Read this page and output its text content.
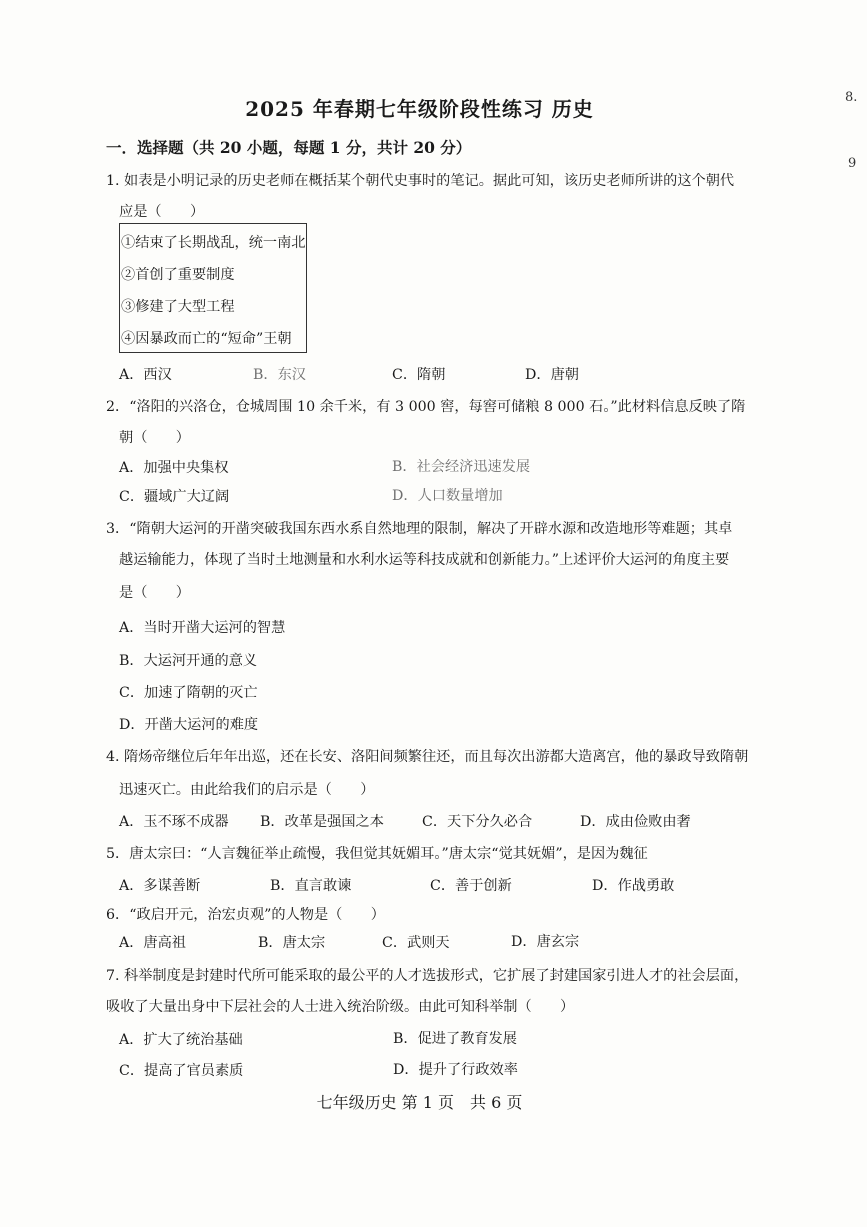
2025 年春期七年级阶段性练习 历史	8.
9
一．选择题（共 20 小题，每题 1 分，共计 20 分）
1. 如表是小明记录的历史老师在概括某个朝代史事时的笔记。据此可知，该历史老师所讲的这个朝代
应是（　　）
①结束了长期战乱，统一南北
②首创了重要制度
③修建了大型工程
④因暴政而亡的“短命”王朝
A．西汉	B．东汉	C．隋朝	D．唐朝
2．“洛阳的兴洛仓，仓城周围 10 余千米，有 3 000 窖，每窖可储粮 8 000 石。”此材料信息反映了隋
朝（　　）
A．加强中央集权	B．社会经济迅速发展
C．疆域广大辽阔	D．人口数量增加
3．“隋朝大运河的开凿突破我国东西水系自然地理的限制，解决了开辟水源和改造地形等难题；其卓
越运输能力，体现了当时土地测量和水利水运等科技成就和创新能力。”上述评价大运河的角度主要
是（　　）
A．当时开凿大运河的智慧
B．大运河开通的意义
C．加速了隋朝的灭亡
D．开凿大运河的难度
4. 隋炀帝继位后年年出巡，还在长安、洛阳间频繁往还，而且每次出游都大造离宫，他的暴政导致隋朝
迅速灭亡。由此给我们的启示是（　　）
A．玉不琢不成器 B．改革是强国之本	C．天下分久必合	D．成由俭败由奢
5．唐太宗曰：“人言魏征举止疏慢，我但觉其妩媚耳。”唐太宗“觉其妩媚”，是因为魏征
A．多谋善断	B．直言敢谏	C．善于创新	D．作战勇敢
6．“政启开元，治宏贞观”的人物是（　　）
A．唐高祖	B．唐太宗	C．武则天	D．唐玄宗
7. 科举制度是封建时代所可能采取的最公平的人才选拔形式，它扩展了封建国家引进人才的社会层面，
吸收了大量出身中下层社会的人士进入统治阶级。由此可知科举制（　　）
A．扩大了统治基础	B．促进了教育发展
C．提高了官员素质	D．提升了行政效率
七年级历史 第 1 页　共 6 页
